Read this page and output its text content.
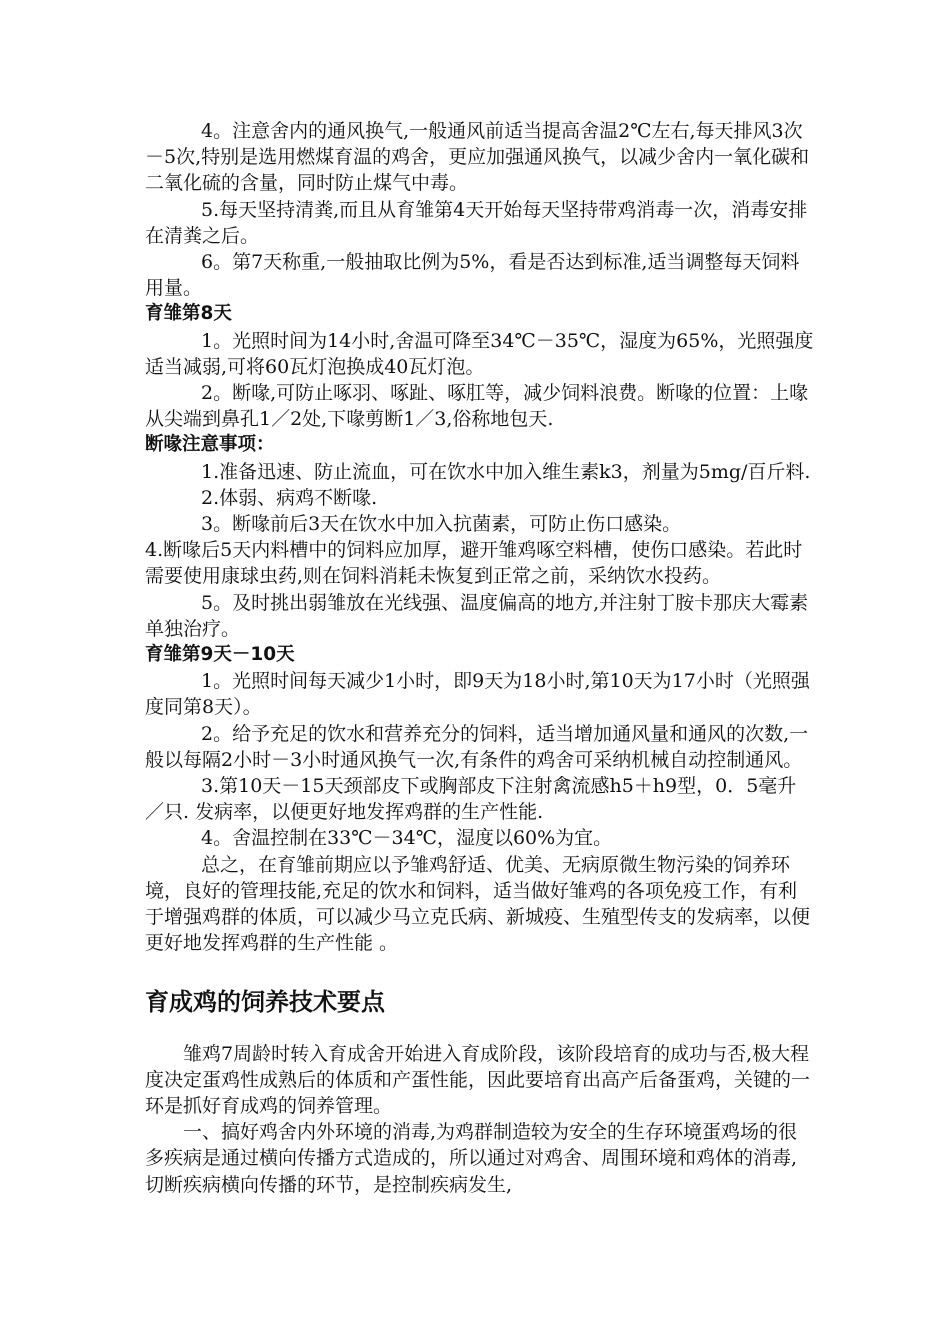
4。注意舍内的通风换气,一般通风前适当提高舍温2℃左右,每天排风3次－5次,特别是选用燃煤育温的鸡舍，更应加强通风换气，以减少舍内一氧化碳和二氧化硫的含量，同时防止煤气中毒。

5.每天坚持清粪,而且从育雏第4天开始每天坚持带鸡消毒一次，消毒安排在清粪之后。

6。第7天称重,一般抽取比例为5%，看是否达到标准,适当调整每天饲料用量。

育雏第8天

1。光照时间为14小时,舍温可降至34℃－35℃，湿度为65%，光照强度适当减弱,可将60瓦灯泡换成40瓦灯泡。

2。断喙,可防止啄羽、啄趾、啄肛等，减少饲料浪费。断喙的位置：上喙从尖端到鼻孔1／2处,下喙剪断1／3,俗称地包天.

断喙注意事项：

1.准备迅速、防止流血，可在饮水中加入维生素k3，剂量为5mg/百斤料.

2.体弱、病鸡不断喙.

3。断喙前后3天在饮水中加入抗菌素，可防止伤口感染。

4.断喙后5天内料槽中的饲料应加厚，避开雏鸡啄空料槽，使伤口感染。若此时需要使用康球虫药,则在饲料消耗未恢复到正常之前，采纳饮水投药。

5。及时挑出弱雏放在光线强、温度偏高的地方,并注射丁胺卡那庆大霉素单独治疗。

育雏第9天－10天

1。光照时间每天减少1小时，即9天为18小时,第10天为17小时（光照强度同第8天）。

2。给予充足的饮水和营养充分的饲料，适当增加通风量和通风的次数,一般以每隔2小时－3小时通风换气一次,有条件的鸡舍可采纳机械自动控制通风。

3.第10天－15天颈部皮下或胸部皮下注射禽流感h5＋h9型，0．5毫升／只. 发病率，以便更好地发挥鸡群的生产性能.

4。舍温控制在33℃－34℃，湿度以60%为宜。

总之，在育雏前期应以予雏鸡舒适、优美、无病原微生物污染的饲养环境，良好的管理技能,充足的饮水和饲料，适当做好雏鸡的各项免疫工作，有利于增强鸡群的体质，可以减少马立克氏病、新城疫、生殖型传支的发病率，以便更好地发挥鸡群的生产性能 。

育成鸡的饲养技术要点

雏鸡7周龄时转入育成舍开始进入育成阶段，该阶段培育的成功与否,极大程度决定蛋鸡性成熟后的体质和产蛋性能，因此要培育出高产后备蛋鸡，关键的一环是抓好育成鸡的饲养管理。

一、搞好鸡舍内外环境的消毒,为鸡群制造较为安全的生存环境蛋鸡场的很多疾病是通过横向传播方式造成的，所以通过对鸡舍、周围环境和鸡体的消毒,切断疾病横向传播的环节，是控制疾病发生,
